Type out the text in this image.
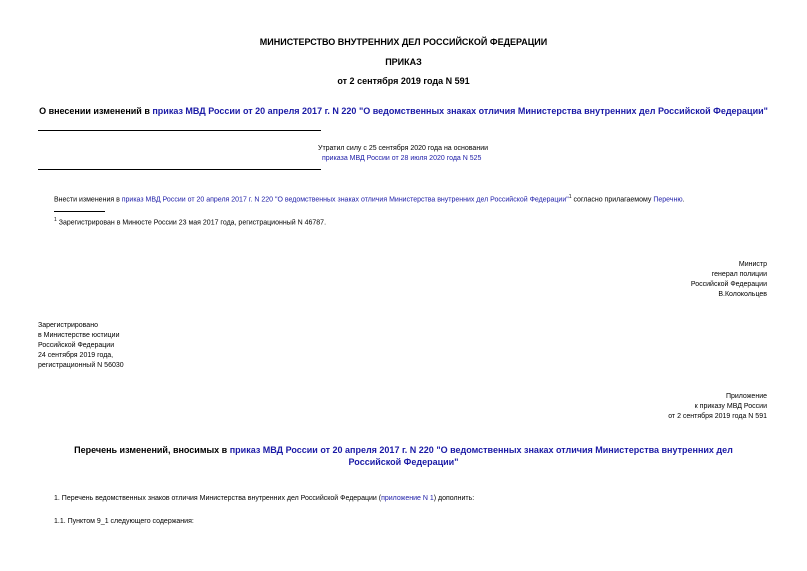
МИНИСТЕРСТВО ВНУТРЕННИХ ДЕЛ РОССИЙСКОЙ ФЕДЕРАЦИИ
ПРИКАЗ
от 2 сентября 2019 года N 591
О внесении изменений в приказ МВД России от 20 апреля 2017 г. N 220 "О ведомственных знаках отличия Министерства внутренних дел Российской Федерации"
Утратил силу с 25 сентября 2020 года на основании
приказа МВД России от 28 июля 2020 года N 525
Внести изменения в приказ МВД России от 20 апреля 2017 г. N 220 "О ведомственных знаках отличия Министерства внутренних дел Российской Федерации"$^1$ согласно прилагаемому Перечню.
$^1$ Зарегистрирован в Минюсте России 23 мая 2017 года, регистрационный N 46787.
Министр
генерал полиции
Российской Федерации
В.Колокольцев
Зарегистрировано
в Министерстве юстиции
Российской Федерации
24 сентября 2019 года,
регистрационный N 56030
Приложение
к приказу МВД России
от 2 сентября 2019 года N 591
Перечень изменений, вносимых в приказ МВД России от 20 апреля 2017 г. N 220 "О ведомственных знаках отличия Министерства внутренних дел Российской Федерации"
1. Перечень ведомственных знаков отличия Министерства внутренних дел Российской Федерации (приложение N 1) дополнить:
1.1. Пунктом 9_1 следующего содержания:
